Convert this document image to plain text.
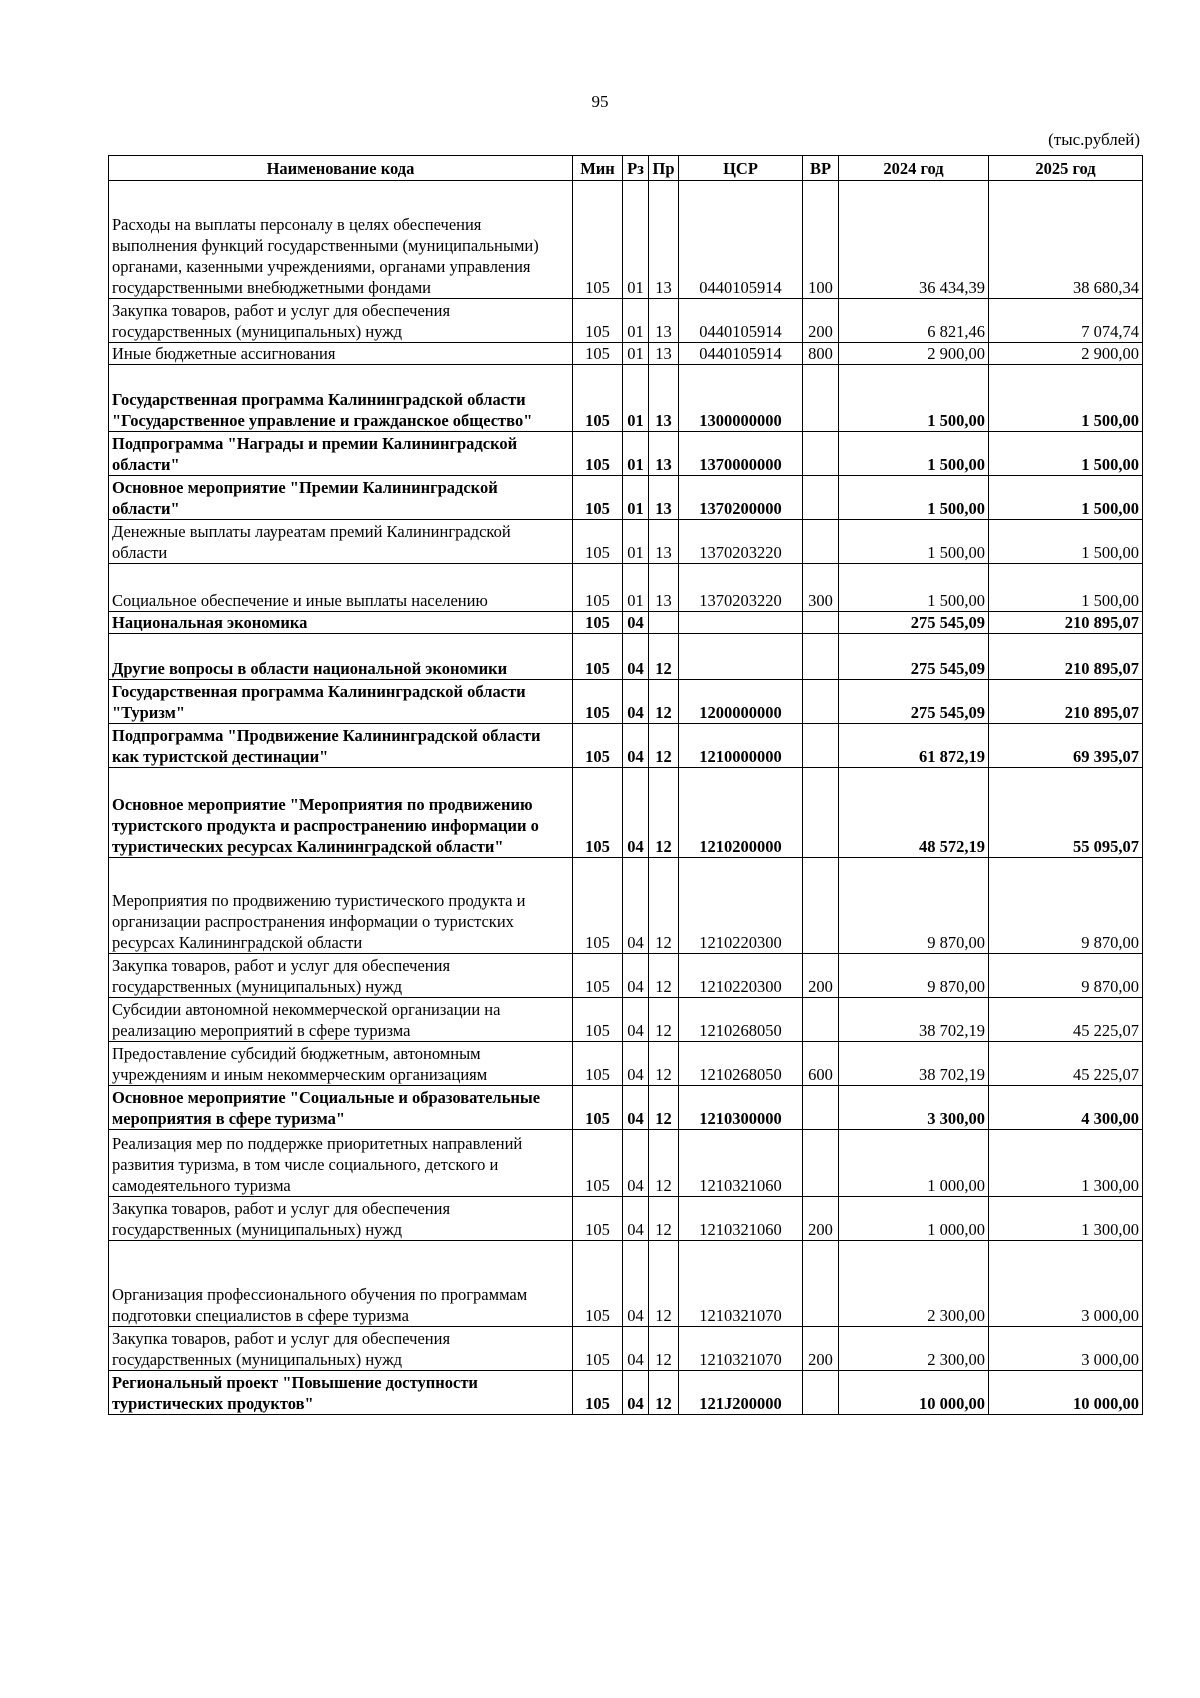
95
(тыс.рублей)
Наименование кода	Мин	Рз	Пр	ЦСР	ВР	2024 год	2025 год
Расходы на выплаты персоналу в целях обеспечения выполнения функций государственными (муниципальными) органами, казенными учреждениями, органами управления государственными внебюджетными фондами	105	01	13	0440105914	100	36 434,39	38 680,34
Закупка товаров, работ и услуг для обеспечения государственных (муниципальных) нужд	105	01	13	0440105914	200	6 821,46	7 074,74
Иные бюджетные ассигнования	105	01	13	0440105914	800	2 900,00	2 900,00
Государственная программа Калининградской области "Государственное управление и гражданское общество"	105	01	13	1300000000		1 500,00	1 500,00
Подпрограмма "Награды и премии Калининградской области"	105	01	13	1370000000		1 500,00	1 500,00
Основное мероприятие "Премии Калининградской области"	105	01	13	1370200000		1 500,00	1 500,00
Денежные выплаты лауреатам премий Калининградской области	105	01	13	1370203220		1 500,00	1 500,00
Социальное обеспечение и иные выплаты населению	105	01	13	1370203220	300	1 500,00	1 500,00
Национальная экономика	105	04				275 545,09	210 895,07
Другие вопросы в области национальной экономики	105	04	12			275 545,09	210 895,07
Государственная программа Калининградской области "Туризм"	105	04	12	1200000000		275 545,09	210 895,07
Подпрограмма "Продвижение Калининградской области как туристской дестинации"	105	04	12	1210000000		61 872,19	69 395,07
Основное мероприятие "Мероприятия по продвижению туристского продукта и распространению информации о туристических ресурсах Калининградской области"	105	04	12	1210200000		48 572,19	55 095,07
Мероприятия по продвижению туристического продукта и организации распространения информации о туристских ресурсах Калининградской области	105	04	12	1210220300		9 870,00	9 870,00
Закупка товаров, работ и услуг для обеспечения государственных (муниципальных) нужд	105	04	12	1210220300	200	9 870,00	9 870,00
Субсидии автономной некоммерческой организации на реализацию мероприятий в сфере туризма	105	04	12	1210268050		38 702,19	45 225,07
Предоставление субсидий бюджетным, автономным учреждениям и иным некоммерческим организациям	105	04	12	1210268050	600	38 702,19	45 225,07
Основное мероприятие "Социальные и образовательные мероприятия в сфере туризма"	105	04	12	1210300000		3 300,00	4 300,00
Реализация мер по поддержке приоритетных направлений развития туризма, в том числе социального, детского и самодеятельного туризма	105	04	12	1210321060		1 000,00	1 300,00
Закупка товаров, работ и услуг для обеспечения государственных (муниципальных) нужд	105	04	12	1210321060	200	1 000,00	1 300,00
Организация профессионального обучения по программам подготовки специалистов в сфере туризма	105	04	12	1210321070		2 300,00	3 000,00
Закупка товаров, работ и услуг для обеспечения государственных (муниципальных) нужд	105	04	12	1210321070	200	2 300,00	3 000,00
Региональный проект "Повышение доступности туристических продуктов"	105	04	12	121J200000		10 000,00	10 000,00
